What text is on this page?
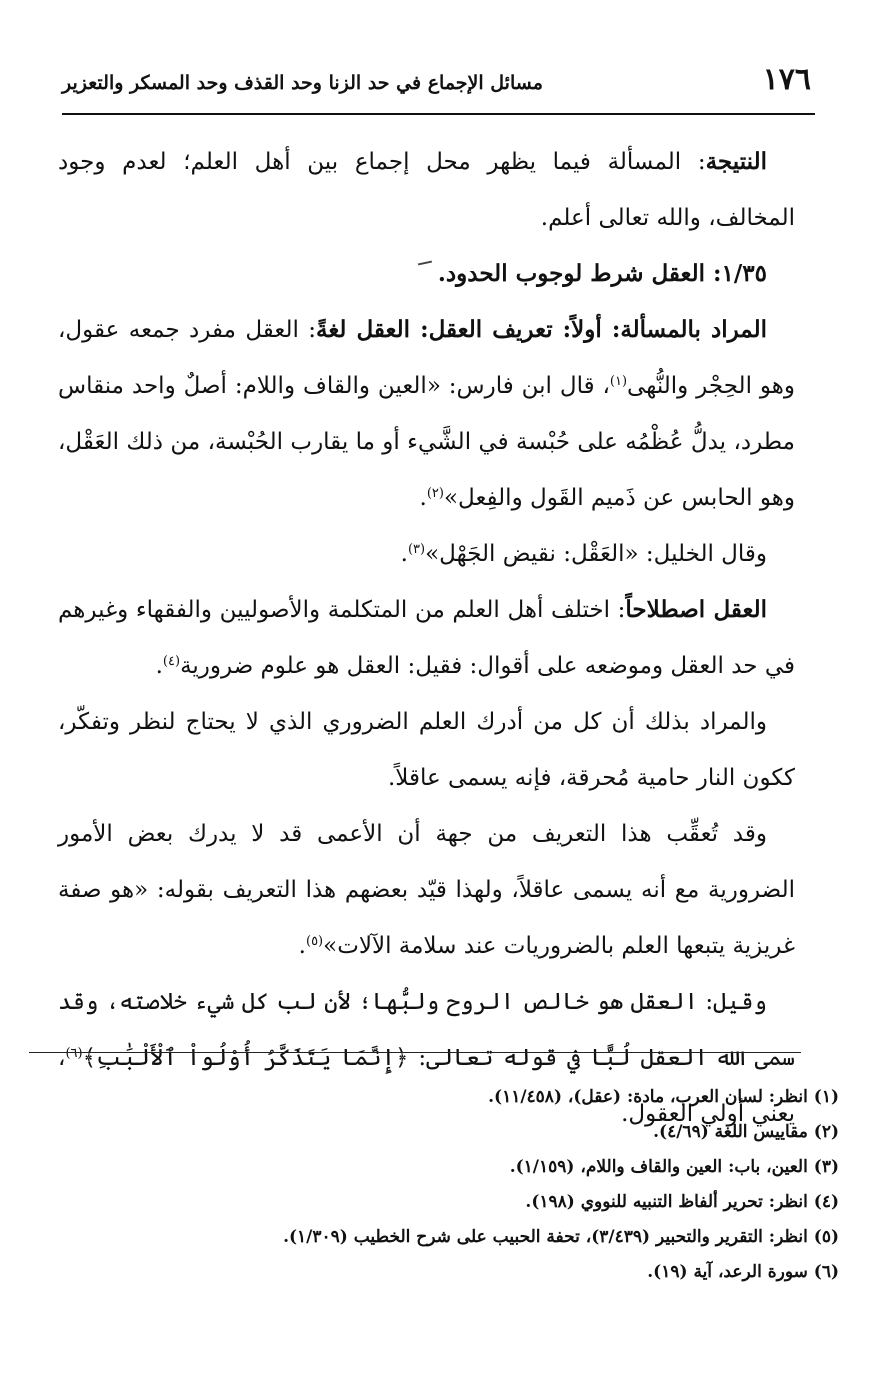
١٧٦
مسائل الإجماع في حد الزنا وحد القذف وحد المسكر والتعزير

النتيجة: المسألة فيما يظهر محل إجماع بين أهل العلم؛ لعدم وجود المخالف، والله تعالى أعلم.

١/٣٥: العقل شرط لوجوب الحدود.

المراد بالمسألة: أولاً: تعريف العقل: العقل لغةً: العقل مفرد جمعه عقول، وهو الحِجْر والنُّهى$^{(١)}$، قال ابن فارس: «العين والقاف واللام: أصلٌ واحد منقاس مطرد، يدلُّ عُظْمُه على حُبْسة في الشَّيء أو ما يقارب الحُبْسة، من ذلك العَقْل، وهو الحابس عن ذَميم القَول والفِعل»$^{(٢)}$.

وقال الخليل: «العَقْل: نقيض الجَهْل»$^{(٣)}$.

العقل اصطلاحاً: اختلف أهل العلم من المتكلمة والأصوليين والفقهاء وغيرهم في حد العقل وموضعه على أقوال: فقيل: العقل هو علوم ضرورية$^{(٤)}$.

والمراد بذلك أن كل من أدرك العلم الضروري الذي لا يحتاج لنظر وتفكّر، ككون النار حامية مُحرقة، فإنه يسمى عاقلاً.

وقد تُعقِّب هذا التعريف من جهة أن الأعمى قد لا يدرك بعض الأمور الضرورية مع أنه يسمى عاقلاً، ولهذا قيّد بعضهم هذا التعريف بقوله: «هو صفة غريزية يتبعها العلم بالضروريات عند سلامة الآلات»$^{(٥)}$.

وقيل: العقل هو خالص الروح ولبُّها؛ لأن لب كل شيء خلاصته، وقد سمى الله العقل لُبًّا في قوله تعالى: ﴿إِنَّمَا يَتَذَكَّرُ أُوْلُواْ ٱلْأَلْبَٰبِ﴾$^{(٦)}$، يعني أولي العقول.

(١) انظر: لسان العرب، مادة: (عقل)، (١١/٤٥٨).
(٢) مقاييس اللغة (٤/٦٩).
(٣) العين، باب: العين والقاف واللام، (١/١٥٩).
(٤) انظر: تحرير ألفاظ التنبيه للنووي (١٩٨).
(٥) انظر: التقرير والتحبير (٣/٤٣٩)، تحفة الحبيب على شرح الخطيب (١/٣٠٩).
(٦) سورة الرعد، آية (١٩).
